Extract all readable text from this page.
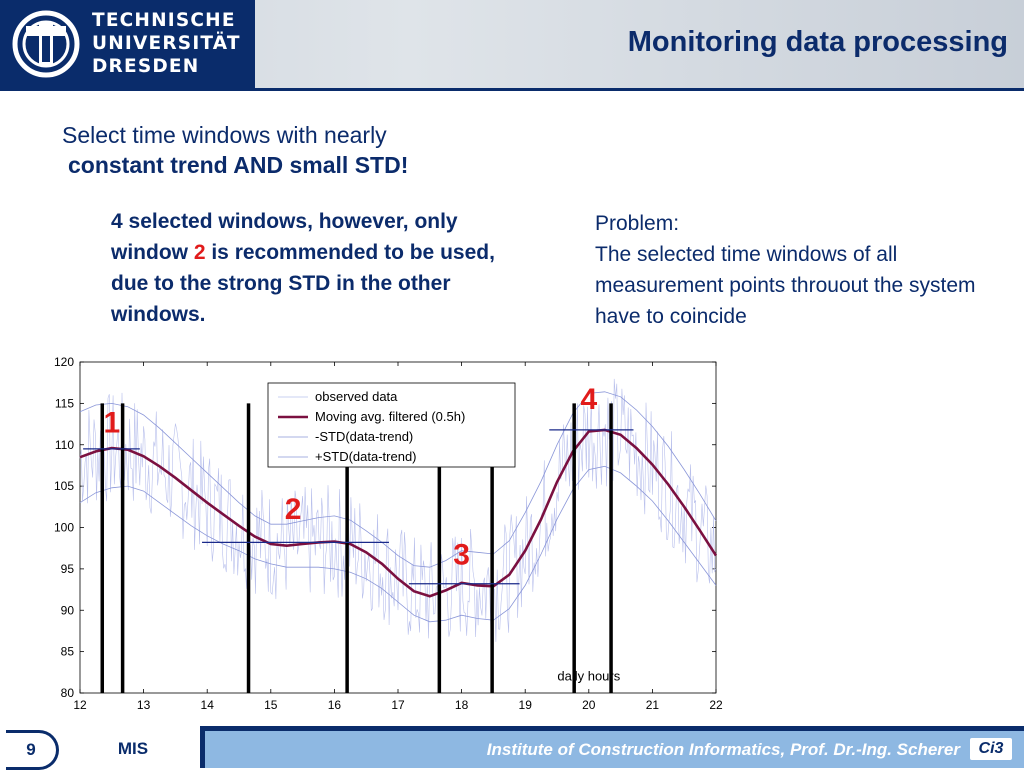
TECHNISCHE
UNIVERSITÄT
DRESDEN
Monitoring data processing
Select time windows with nearly
constant trend AND small STD!
4 selected windows, however, only window 2 is recommended to be used, due to the strong STD in the other windows.
Problem:
The selected time windows of all measurement points throuout the system have to coincide
12	13	14	15	16	17	18	19	20	21	22
80
85
90
95
100
105
110
115
120
1
2
3
4
observed data
Moving avg. filtered (0.5h)
-STD(data-trend)
+STD(data-trend)
daily hours
9	MIS	Institute of Construction Informatics, Prof. Dr.-Ing. Scherer	Ci3
